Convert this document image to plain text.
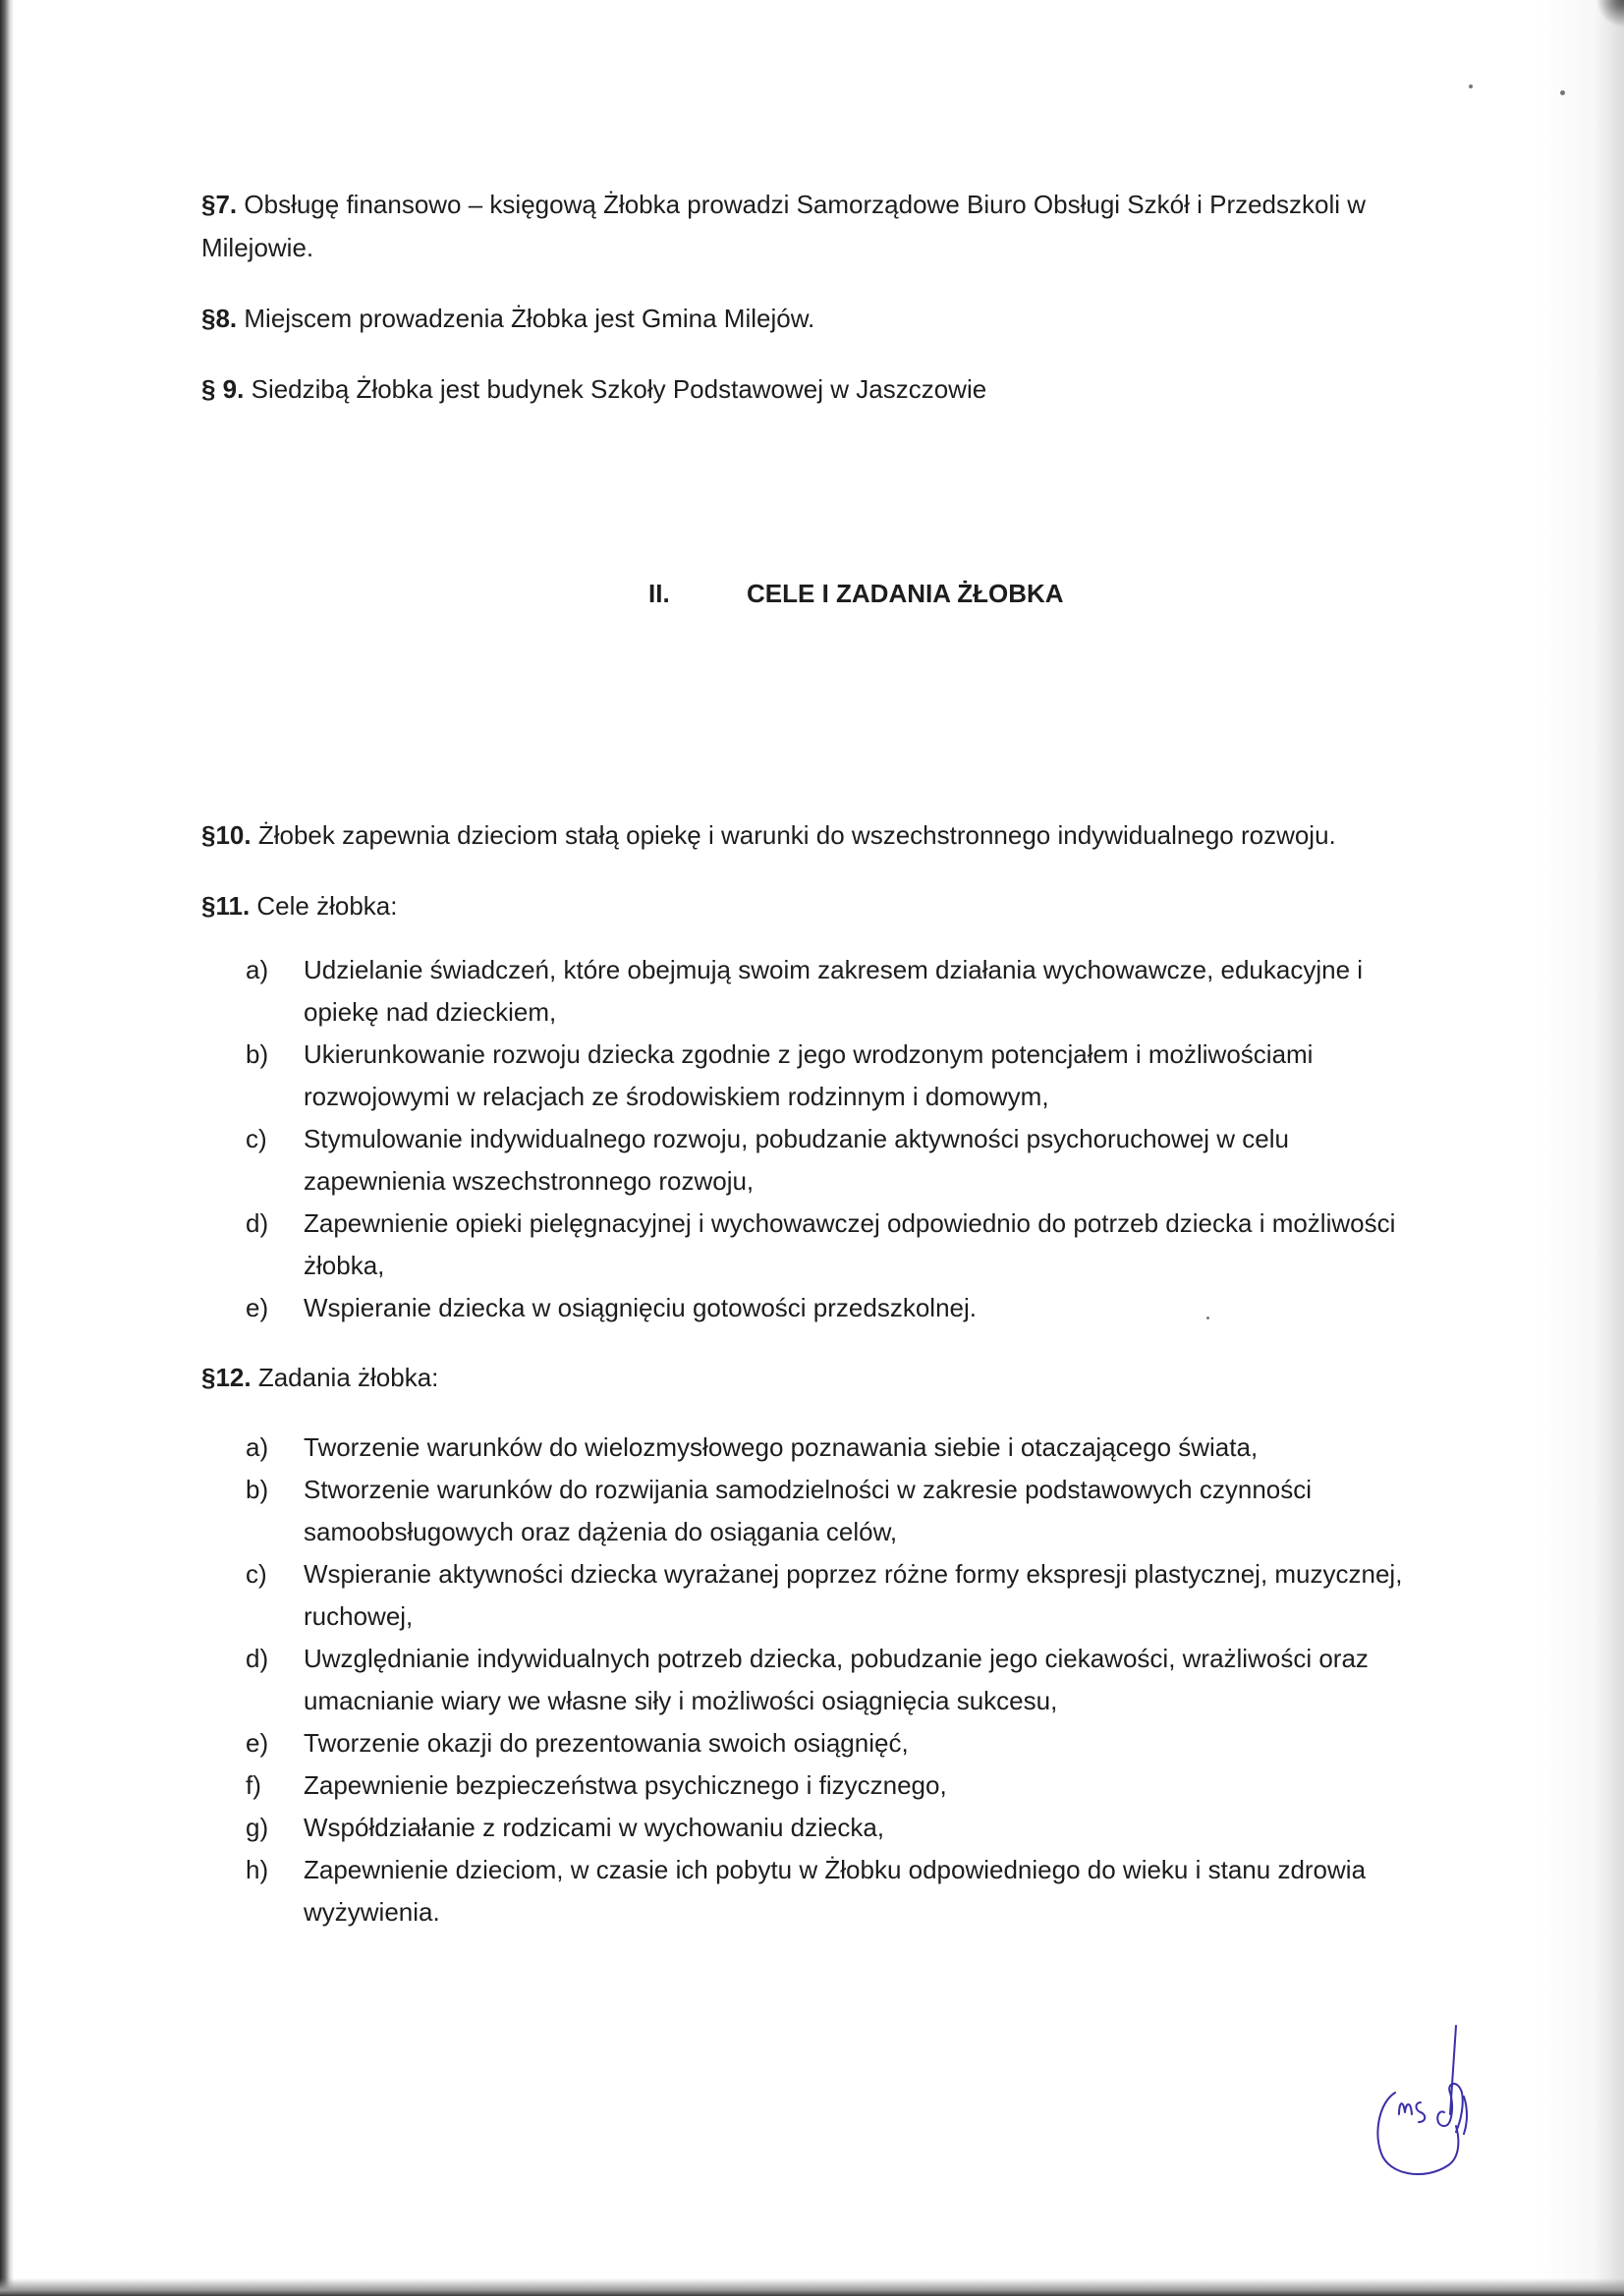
§7. Obsługę finansowo – księgową Żłobka prowadzi Samorządowe Biuro Obsługi Szkół i Przedszkoli w

Milejowie.

§8. Miejscem prowadzenia Żłobka jest Gmina Milejów.

§ 9. Siedzibą Żłobka jest budynek Szkoły Podstawowej w Jaszczowie

II.	CELE I ZADANIA ŻŁOBKA

§10. Żłobek zapewnia dzieciom stałą opiekę i warunki do wszechstronnego indywidualnego rozwoju.

§11. Cele żłobka:

a) Udzielanie świadczeń, które obejmują swoim zakresem działania wychowawcze, edukacyjne i opiekę nad dzieckiem,
b) Ukierunkowanie rozwoju dziecka zgodnie z jego wrodzonym potencjałem i możliwościami rozwojowymi w relacjach ze środowiskiem rodzinnym i domowym,
c) Stymulowanie indywidualnego rozwoju, pobudzanie aktywności psychoruchowej w celu zapewnienia wszechstronnego rozwoju,
d) Zapewnienie opieki pielęgnacyjnej i wychowawczej odpowiednio do potrzeb dziecka i możliwości żłobka,
e) Wspieranie dziecka w osiągnięciu gotowości przedszkolnej.

§12. Zadania żłobka:

a) Tworzenie warunków do wielozmysłowego poznawania siebie i otaczającego świata,
b) Stworzenie warunków do rozwijania samodzielności w zakresie podstawowych czynności samoobsługowych oraz dążenia do osiągania celów,
c) Wspieranie aktywności dziecka wyrażanej poprzez różne formy ekspresji plastycznej, muzycznej, ruchowej,
d) Uwzględnianie indywidualnych potrzeb dziecka, pobudzanie jego ciekawości, wrażliwości oraz umacnianie wiary we własne siły i możliwości osiągnięcia sukcesu,
e) Tworzenie okazji do prezentowania swoich osiągnięć,
f) Zapewnienie bezpieczeństwa psychicznego i fizycznego,
g) Współdziałanie z rodzicami w wychowaniu dziecka,
h) Zapewnienie dzieciom, w czasie ich pobytu w Żłobku odpowiedniego do wieku i stanu zdrowia wyżywienia.
